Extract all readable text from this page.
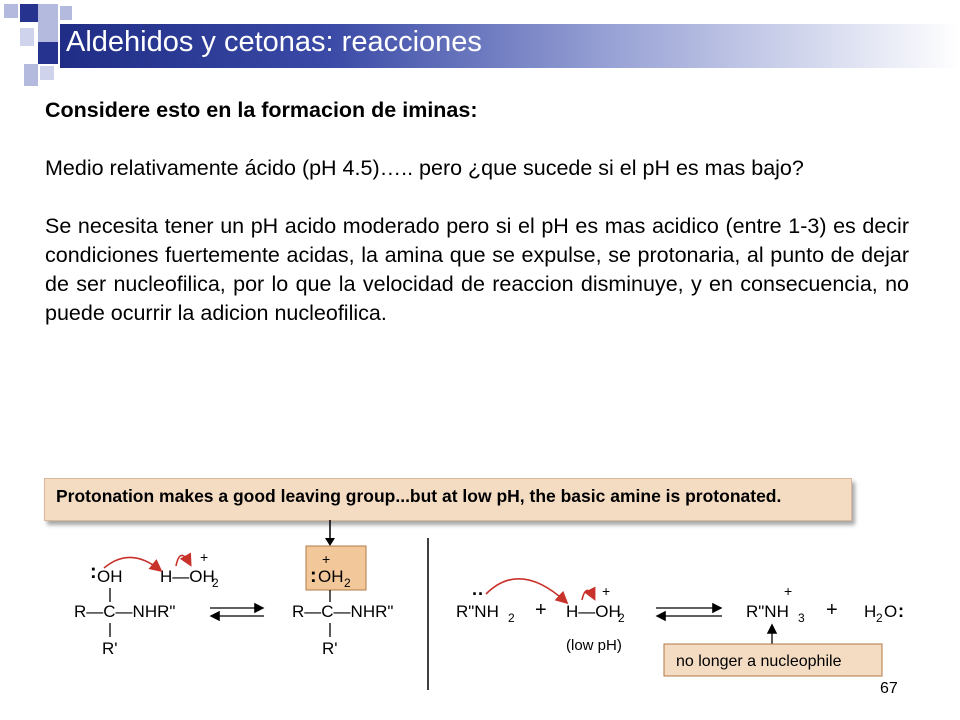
Aldehidos y cetonas: reacciones

Considere esto en la formacion de iminas:

Medio relativamente ácido (pH 4.5)….. pero ¿que sucede si el pH es mas bajo?

Se necesita tener un pH acido moderado pero si el pH es mas acidico (entre 1-3) es decir condiciones fuertemente acidas, la amina que se expulse, se protonaria, al punto de dejar de ser nucleofilica, por lo que la velocidad de reaccion disminuye, y en consecuencia, no puede ocurrir la adicion nucleofilica.

Protonation makes a good leaving group...but at low pH, the basic amine is protonated.
: OH
R—C—NHR"
R'
+
H—OH
2
+
: OH 2
R—C—NHR"
R'
··
R"NH 2 +
+
H—OH
2
(low pH)
+
R"NH 3 + H 2 O :
no longer a nucleophile
67
